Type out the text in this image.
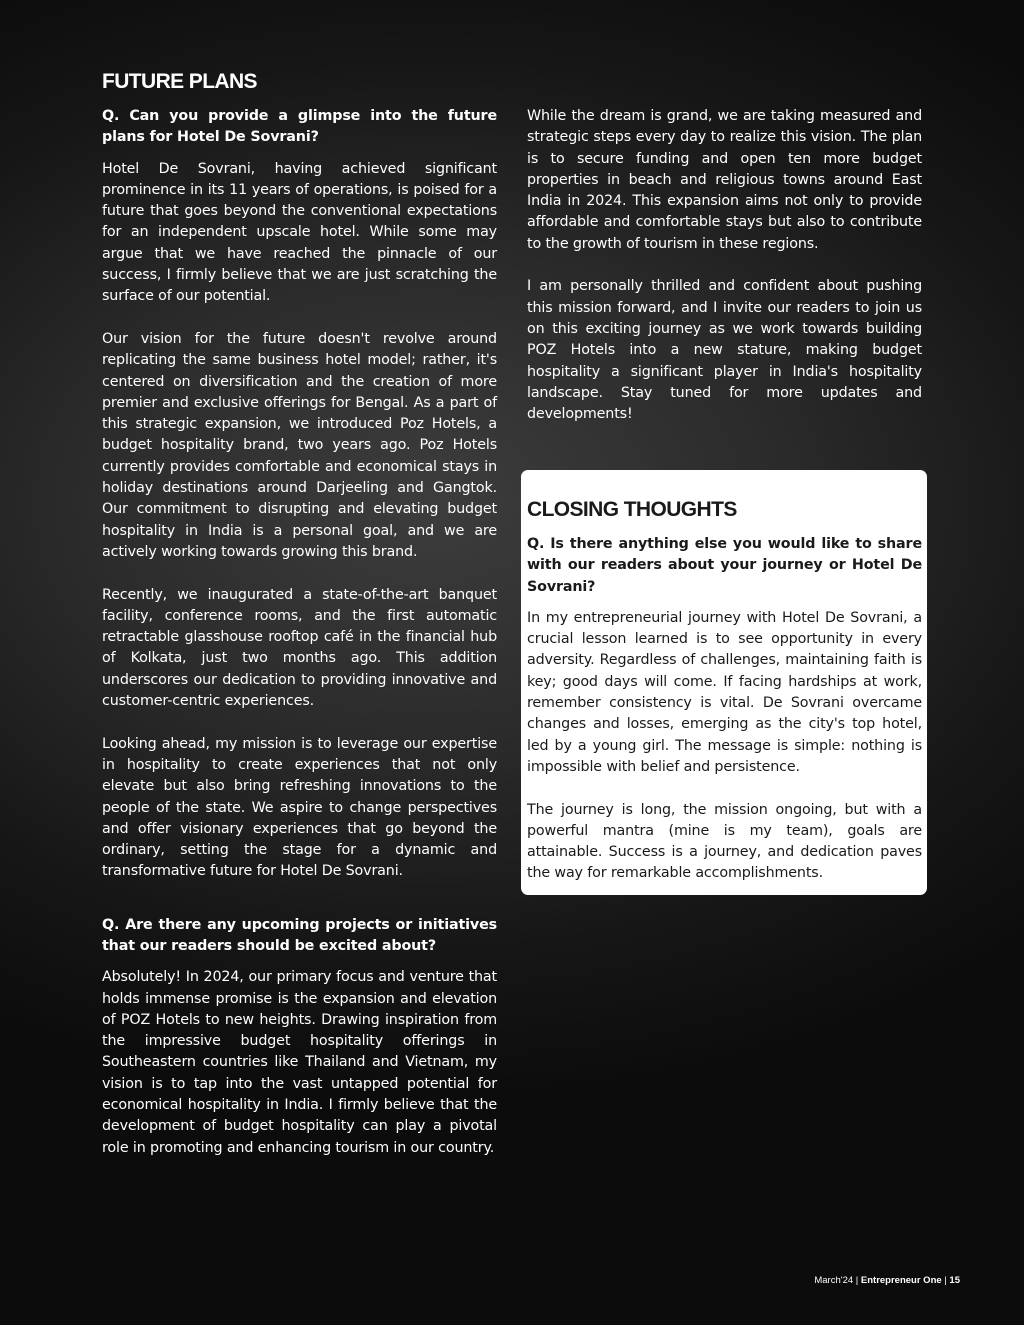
FUTURE PLANS
Q. Can you provide a glimpse into the future plans for Hotel De Sovrani?
Hotel De Sovrani, having achieved significant prominence in its 11 years of operations, is poised for a future that goes beyond the conventional expectations for an independent upscale hotel. While some may argue that we have reached the pinnacle of our success, I firmly believe that we are just scratching the surface of our potential.
Our vision for the future doesn't revolve around replicating the same business hotel model; rather, it's centered on diversification and the creation of more premier and exclusive offerings for Bengal. As a part of this strategic expansion, we introduced Poz Hotels, a budget hospitality brand, two years ago. Poz Hotels currently provides comfortable and economical stays in holiday destinations around Darjeeling and Gangtok. Our commitment to disrupting and elevating budget hospitality in India is a personal goal, and we are actively working towards growing this brand.
Recently, we inaugurated a state-of-the-art banquet facility, conference rooms, and the first automatic retractable glasshouse rooftop café in the financial hub of Kolkata, just two months ago. This addition underscores our dedication to providing innovative and customer-centric experiences.
Looking ahead, my mission is to leverage our expertise in hospitality to create experiences that not only elevate but also bring refreshing innovations to the people of the state. We aspire to change perspectives and offer visionary experiences that go beyond the ordinary, setting the stage for a dynamic and transformative future for Hotel De Sovrani.
Q. Are there any upcoming projects or initiatives that our readers should be excited about?
Absolutely! In 2024, our primary focus and venture that holds immense promise is the expansion and elevation of POZ Hotels to new heights. Drawing inspiration from the impressive budget hospitality offerings in Southeastern countries like Thailand and Vietnam, my vision is to tap into the vast untapped potential for economical hospitality in India. I firmly believe that the development of budget hospitality can play a pivotal role in promoting and enhancing tourism in our country.
While the dream is grand, we are taking measured and strategic steps every day to realize this vision. The plan is to secure funding and open ten more budget properties in beach and religious towns around East India in 2024. This expansion aims not only to provide affordable and comfortable stays but also to contribute to the growth of tourism in these regions.
I am personally thrilled and confident about pushing this mission forward, and I invite our readers to join us on this exciting journey as we work towards building POZ Hotels into a new stature, making budget hospitality a significant player in India's hospitality landscape. Stay tuned for more updates and developments!
CLOSING THOUGHTS
Q. Is there anything else you would like to share with our readers about your journey or Hotel De Sovrani?
In my entrepreneurial journey with Hotel De Sovrani, a crucial lesson learned is to see opportunity in every adversity. Regardless of challenges, maintaining faith is key; good days will come. If facing hardships at work, remember consistency is vital. De Sovrani overcame changes and losses, emerging as the city's top hotel, led by a young girl. The message is simple: nothing is impossible with belief and persistence.
The journey is long, the mission ongoing, but with a powerful mantra (mine is my team), goals are attainable. Success is a journey, and dedication paves the way for remarkable accomplishments.
March'24 | Entrepreneur One | 15
